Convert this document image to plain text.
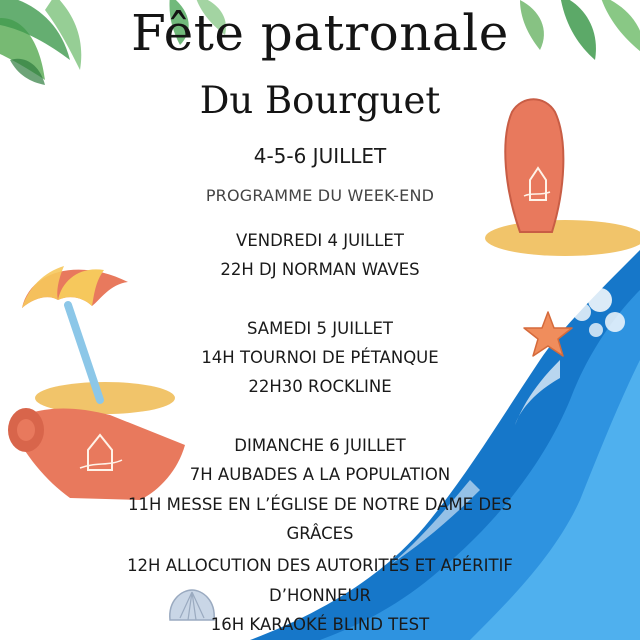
Fête patronale
Du Bourguet
4-5-6 JUILLET
PROGRAMME DU WEEK-END
VENDREDI 4 JUILLET
22H DJ NORMAN WAVES
SAMEDI 5 JUILLET
14H TOURNOI DE PÉTANQUE
22H30 ROCKLINE
DIMANCHE 6 JUILLET
7H AUBADES A LA POPULATION
11H MESSE EN L’ÉGLISE DE NOTRE DAME DES
GRÂCES
12H ALLOCUTION DES AUTORITÉS ET APÉRITIF
D’HONNEUR
16H KARAOKÉ BLIND TEST
